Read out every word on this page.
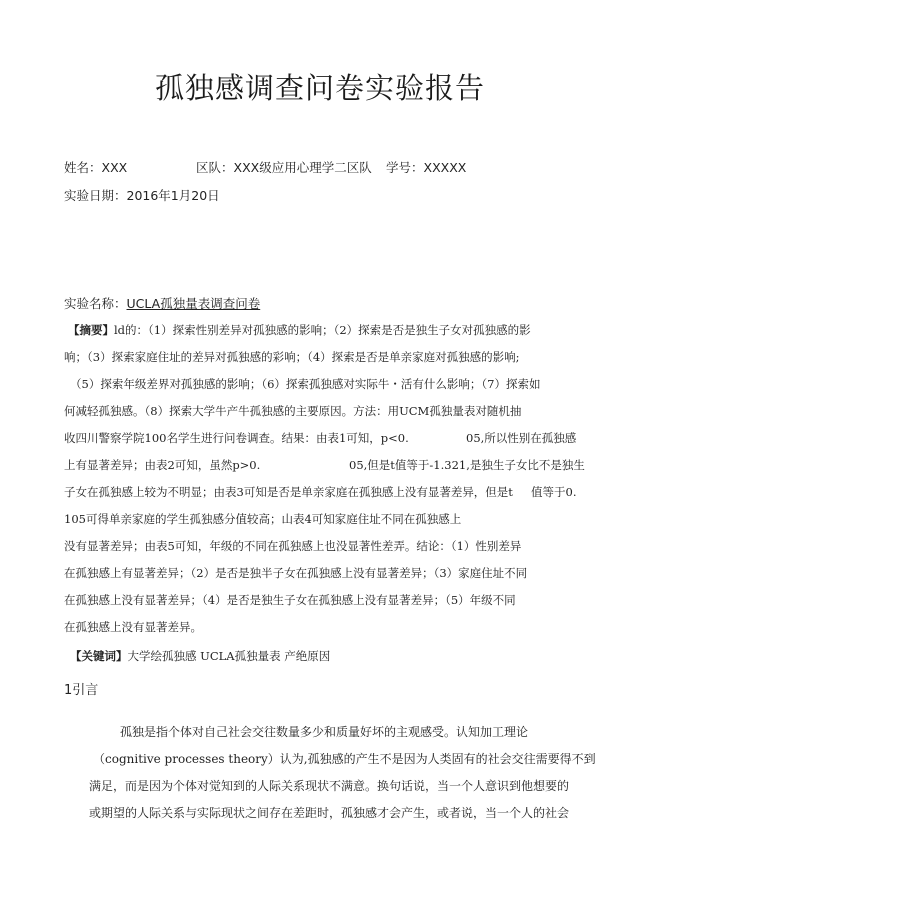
孤独感调查问卷实验报告
姓名：XXX	区队：XXX级应用心理学二区队 学号：XXXXX
实验日期：2016年1月20日
实验名称：UCLA孤独量表调查问卷
【摘要】ld的：（1）探索性别差异对孤独感的影响；（2）探索是否是独生子女对孤独感的影
响；（3）探索家庭住址的差异对孤独感的彩响；（4）探索是否是单亲家庭对孤独感的影响;
（5）探索年级差界对孤独感的影响；（6）探索孤独感对实际牛・活有什么影响；（7）探索如
何减轻孤独感。（8）探索大学牛产牛孤独感的主要原因。方法：用UCM孤独量表对随机抽
收四川警察学院100名学生进行问卷调查。结果：由表1可知，p<0.	05,所以性别在孤独感
上有显著差异；由表2可知，虽然p>0.	05,但是t值等于-1.321,是独生子女比不是独生
子女在孤独感上较为不明显；由表3可知是否是单亲家庭在孤独感上没有显著差异，但是t 值等于0.
105可得单亲家庭的学生孤独感分值较高；山表4可知家庭住址不同在孤独感上
没有显著差异；由表5可知，年级的不同在孤独感上也没显著性差弄。结论：（1）性别差异
在孤独感上有显著差异；（2）是否是独半子女在孤独感上没有显著差异；（3）家庭住址不同
在孤独感上没有显著差异；（4）是否是独生子女在孤独感上没有显著差异；（5）年级不同
在孤独感上没有显著差异。
【关键词】大学绘孤独感 UCLA孤独量表 产绝原因
1引言
孤独是指个体对自己社会交往数量多少和质量好坏的主观感受。认知加工理论
（cognitive processes theory）认为,孤独感的产生不是因为人类固有的社会交往需要得不到
满足，而是因为个体对觉知到的人际关系现状不满意。换句话说，当一个人意识到他想要的
或期望的人际关系与实际现状之间存在差距时，孤独感才会产生，或者说，当一个人的社会
